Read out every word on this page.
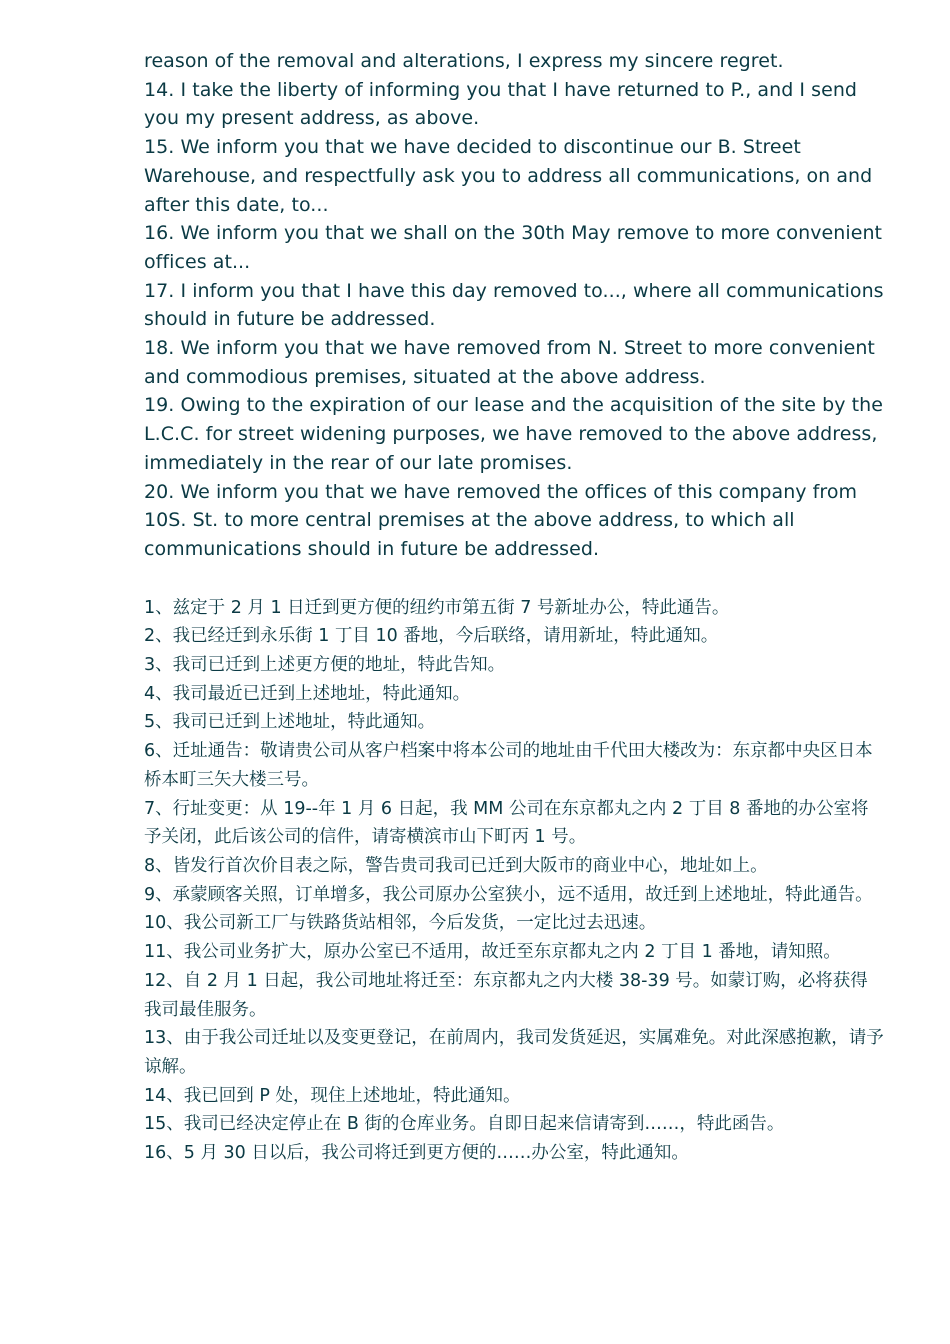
reason of the removal and alterations, I express my sincere regret.

14. I take the liberty of informing you that I have returned to P., and I send you my present address, as above.

15. We inform you that we have decided to discontinue our B. Street Warehouse, and respectfully ask you to address all communications, on and after this date, to...

16. We inform you that we shall on the 30th May remove to more convenient offices at...

17. I inform you that I have this day removed to..., where all communications should in future be addressed.

18. We inform you that we have removed from N. Street to more convenient and commodious premises, situated at the above address.

19. Owing to the expiration of our lease and the acquisition of the site by the L.C.C. for street widening purposes, we have removed to the above address, immediately in the rear of our late promises.

20. We inform you that we have removed the offices of this company from 10S. St. to more central premises at the above address, to which all communications should in future be addressed.

1、兹定于 2 月 1 日迁到更方便的纽约市第五街 7 号新址办公，特此通告。

2、我已经迁到永乐街 1 丁目 10 番地，今后联络，请用新址，特此通知。

3、我司已迁到上述更方便的地址，特此告知。

4、我司最近已迁到上述地址，特此通知。

5、我司已迁到上述地址，特此通知。

6、迁址通告：敬请贵公司从客户档案中将本公司的地址由千代田大楼改为：东京都中央区日本桥本町三矢大楼三号。

7、行址变更：从 19--年 1 月 6 日起，我 MM 公司在东京都丸之内 2 丁目 8 番地的办公室将予关闭，此后该公司的信件，请寄横滨市山下町丙 1 号。

8、皆发行首次价目表之际，警告贵司我司已迁到大阪市的商业中心，地址如上。

9、承蒙顾客关照，订单增多，我公司原办公室狭小，远不适用，故迁到上述地址，特此通告。

10、我公司新工厂与铁路货站相邻，今后发货，一定比过去迅速。

11、我公司业务扩大，原办公室已不适用，故迁至东京都丸之内 2 丁目 1 番地，请知照。

12、自 2 月 1 日起，我公司地址将迁至：东京都丸之内大楼 38-39 号。如蒙订购，必将获得我司最佳服务。

13、由于我公司迁址以及变更登记，在前周内，我司发货延迟，实属难免。对此深感抱歉，请予谅解。

14、我已回到 P 处，现住上述地址，特此通知。

15、我司已经决定停止在 B 街的仓库业务。自即日起来信请寄到……，特此函告。

16、5 月 30 日以后，我公司将迁到更方便的……办公室，特此通知。
